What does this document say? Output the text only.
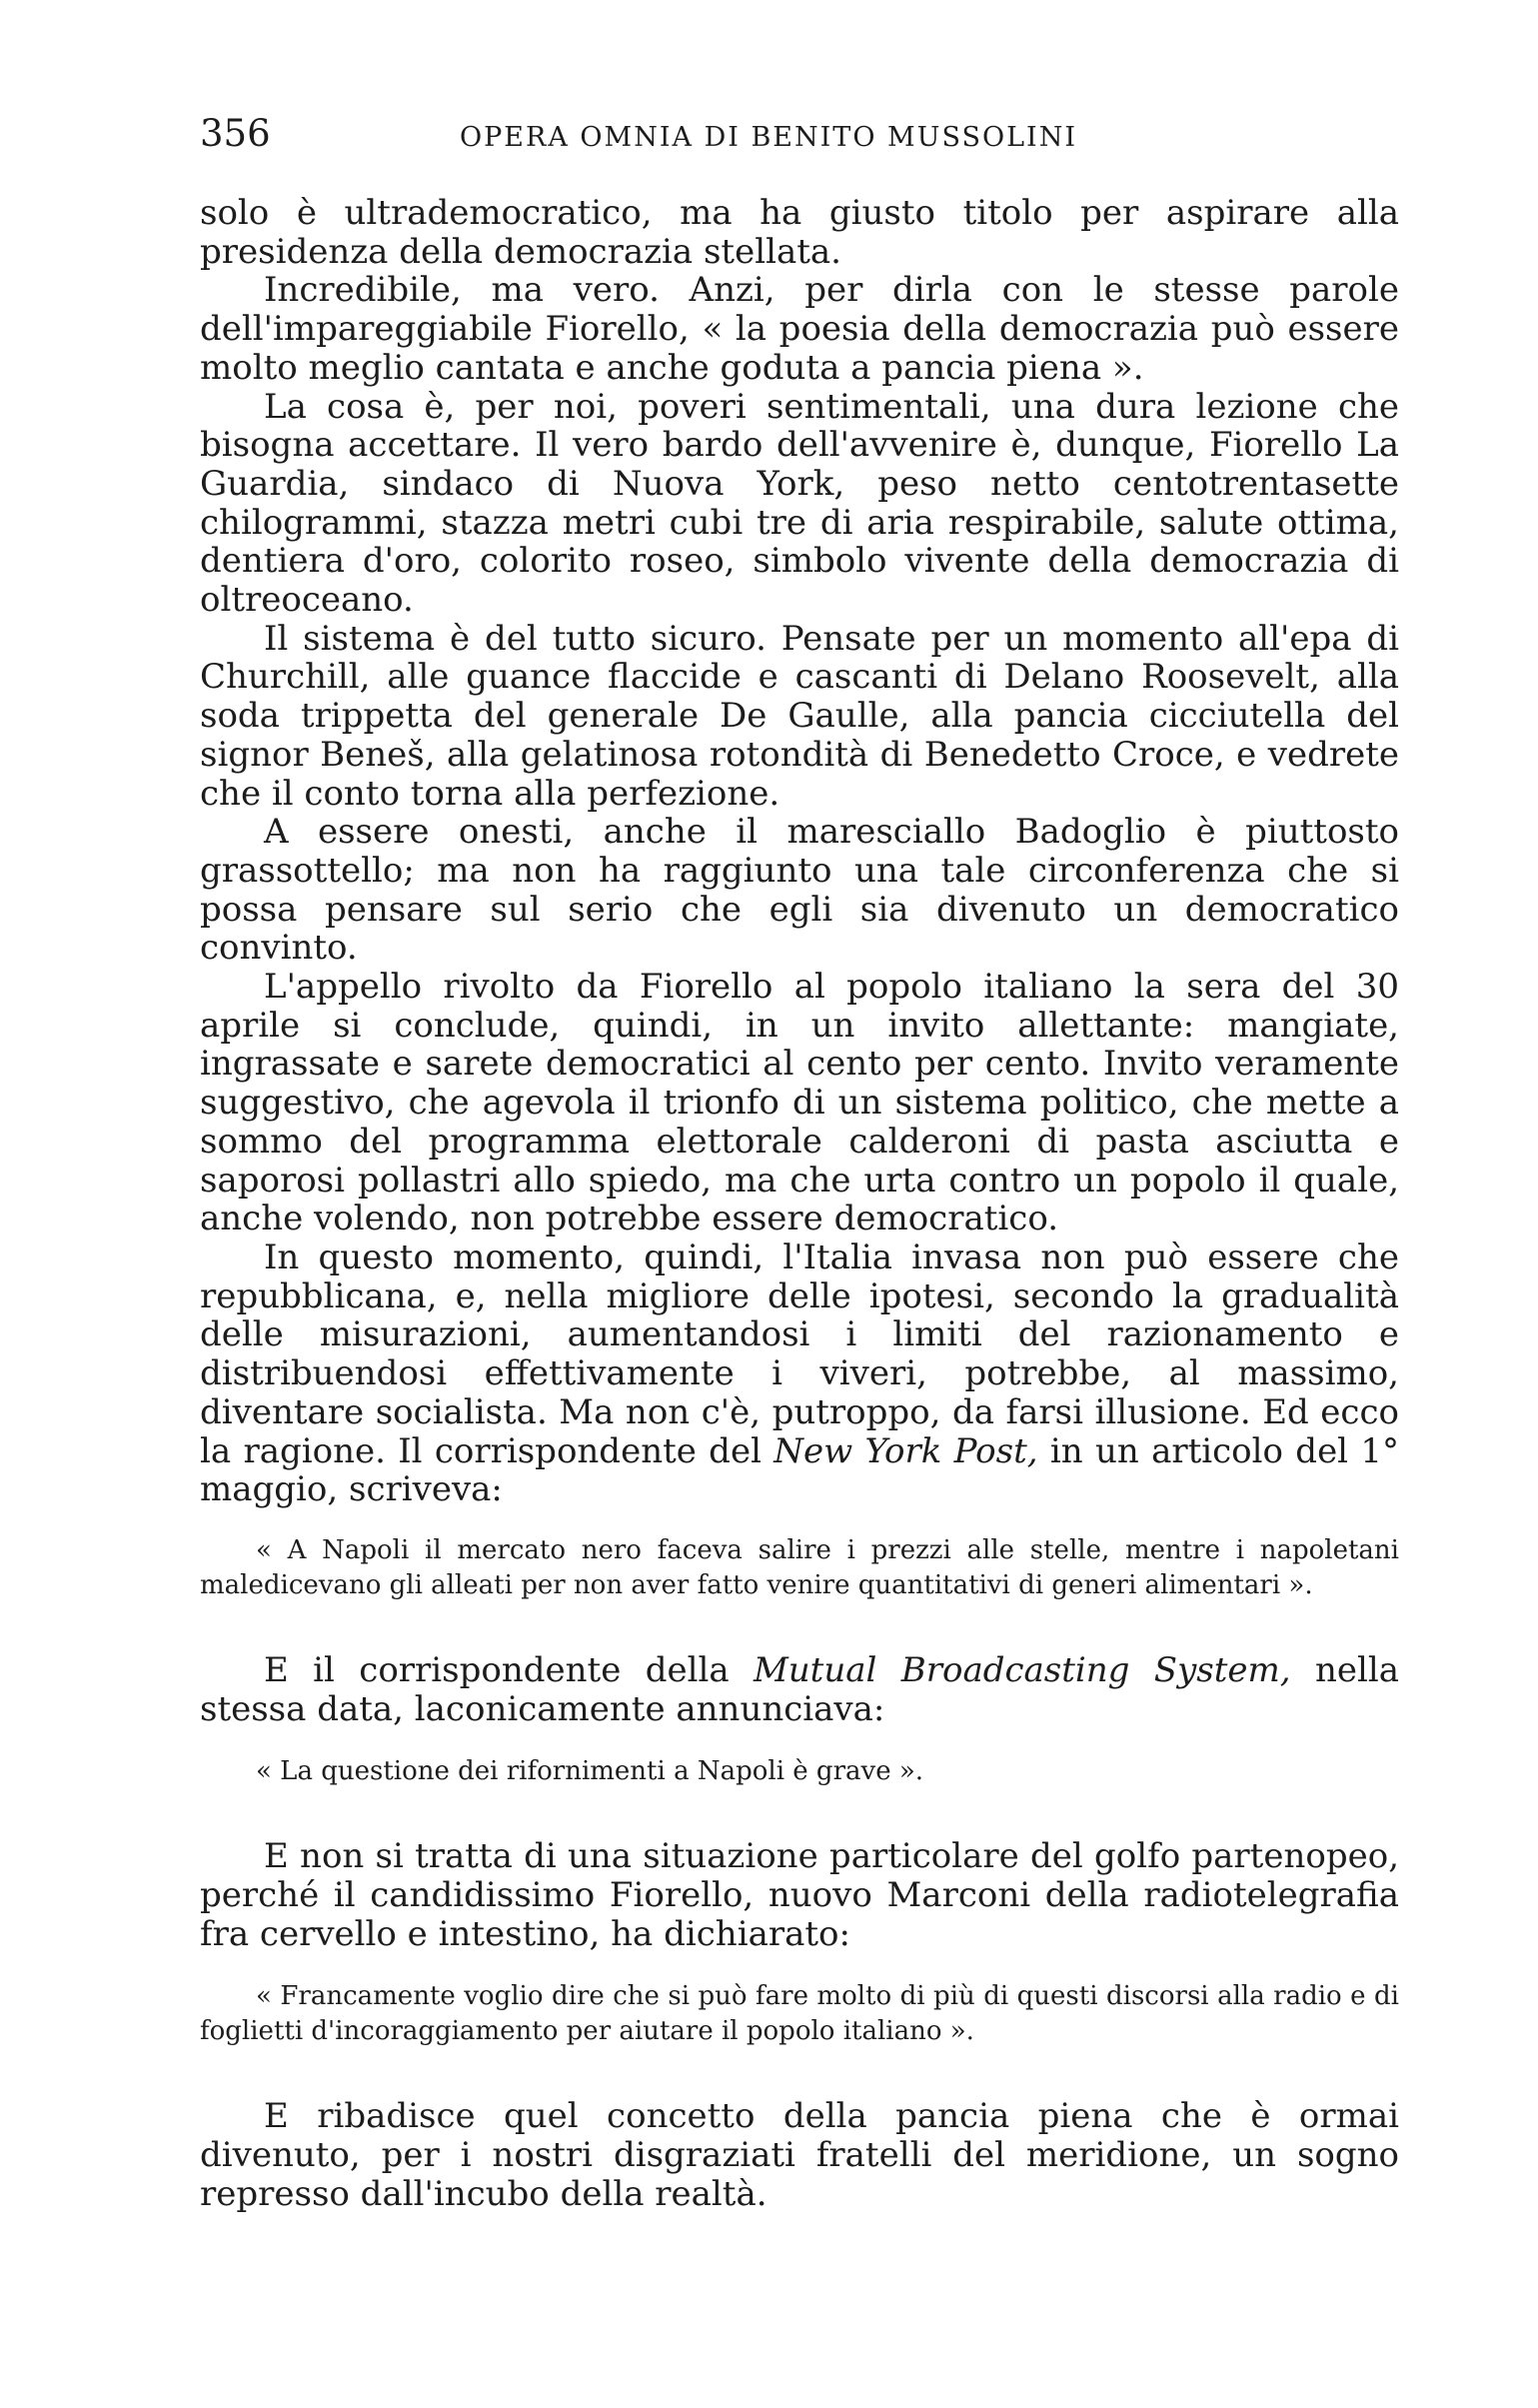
356	OPERA OMNIA DI BENITO MUSSOLINI

solo è ultrademocratico, ma ha giusto titolo per aspirare alla presidenza della democrazia stellata.

Incredibile, ma vero. Anzi, per dirla con le stesse parole dell'impareggiabile Fiorello, « la poesia della democrazia può essere molto meglio cantata e anche goduta a pancia piena ».

La cosa è, per noi, poveri sentimentali, una dura lezione che bisogna accettare. Il vero bardo dell'avvenire è, dunque, Fiorello La Guardia, sindaco di Nuova York, peso netto centotrentasette chilogrammi, stazza metri cubi tre di aria respirabile, salute ottima, dentiera d'oro, colorito roseo, simbolo vivente della democrazia di oltreoceano.

Il sistema è del tutto sicuro. Pensate per un momento all'epa di Churchill, alle guance flaccide e cascanti di Delano Roosevelt, alla soda trippetta del generale De Gaulle, alla pancia cicciutella del signor Beneš, alla gelatinosa rotondità di Benedetto Croce, e vedrete che il conto torna alla perfezione.

A essere onesti, anche il maresciallo Badoglio è piuttosto grassottello; ma non ha raggiunto una tale circonferenza che si possa pensare sul serio che egli sia divenuto un democratico convinto.

L'appello rivolto da Fiorello al popolo italiano la sera del 30 aprile si conclude, quindi, in un invito allettante: mangiate, ingrassate e sarete democratici al cento per cento. Invito veramente suggestivo, che agevola il trionfo di un sistema politico, che mette a sommo del programma elettorale calderoni di pasta asciutta e saporosi pollastri allo spiedo, ma che urta contro un popolo il quale, anche volendo, non potrebbe essere democratico.

In questo momento, quindi, l'Italia invasa non può essere che repubblicana, e, nella migliore delle ipotesi, secondo la gradualità delle misurazioni, aumentandosi i limiti del razionamento e distribuendosi effettivamente i viveri, potrebbe, al massimo, diventare socialista. Ma non c'è, putroppo, da farsi illusione. Ed ecco la ragione. Il corrispondente del New York Post, in un articolo del 1° maggio, scriveva:

« A Napoli il mercato nero faceva salire i prezzi alle stelle, mentre i napoletani maledicevano gli alleati per non aver fatto venire quantitativi di generi alimentari ».

E il corrispondente della Mutual Broadcasting System, nella stessa data, laconicamente annunciava:

« La questione dei rifornimenti a Napoli è grave ».

E non si tratta di una situazione particolare del golfo partenopeo, perché il candidissimo Fiorello, nuovo Marconi della radiotelegrafia fra cervello e intestino, ha dichiarato:

« Francamente voglio dire che si può fare molto di più di questi discorsi alla radio e di foglietti d'incoraggiamento per aiutare il popolo italiano ».

E ribadisce quel concetto della pancia piena che è ormai divenuto, per i nostri disgraziati fratelli del meridione, un sogno represso dall'incubo della realtà.
